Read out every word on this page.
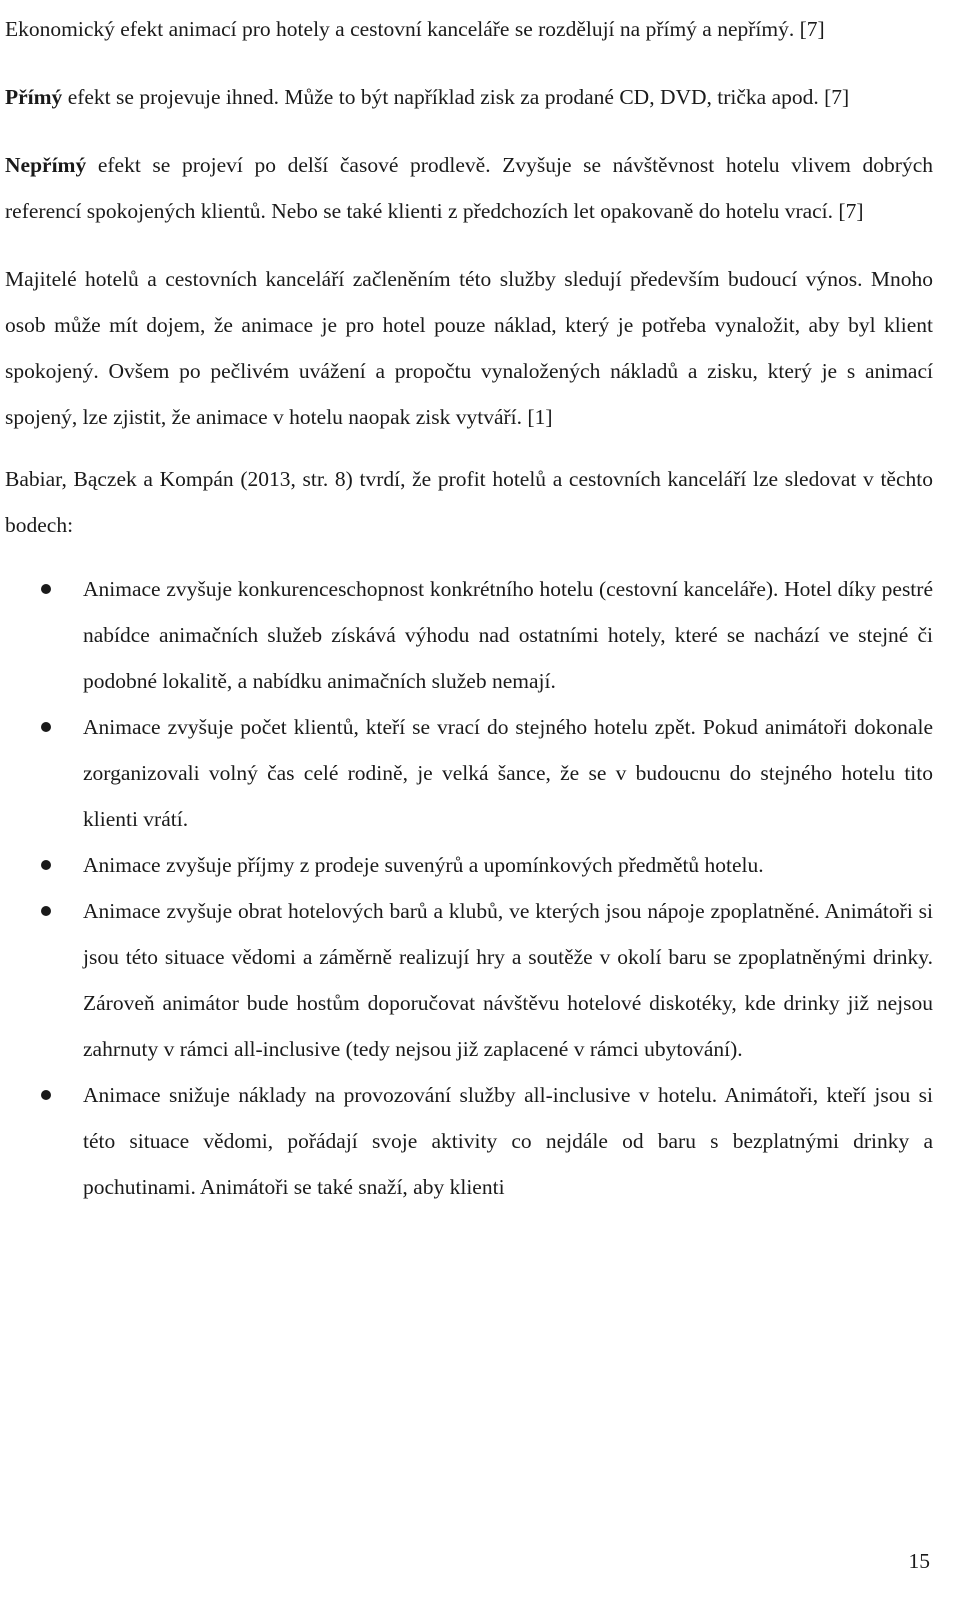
Ekonomický efekt animací pro hotely a cestovní kanceláře se rozdělují na přímý a nepřímý. [7]

Přímý efekt se projevuje ihned. Může to být například zisk za prodané CD, DVD, trička apod. [7]

Nepřímý efekt se projeví po delší časové prodlevě. Zvyšuje se návštěvnost hotelu vlivem dobrých referencí spokojených klientů. Nebo se také klienti z předchozích let opakovaně do hotelu vrací. [7]

Majitelé hotelů a cestovních kanceláří začleněním této služby sledují především budoucí výnos. Mnoho osob může mít dojem, že animace je pro hotel pouze náklad, který je potřeba vynaložit, aby byl klient spokojený. Ovšem po pečlivém uvážení a propočtu vynaložených nákladů a zisku, který je s animací spojený, lze zjistit, že animace v hotelu naopak zisk vytváří. [1]

Babiar, Bączek a Kompán (2013, str. 8) tvrdí, že profit hotelů a cestovních kanceláří lze sledovat v těchto bodech:

Animace zvyšuje konkurenceschopnost konkrétního hotelu (cestovní kanceláře). Hotel díky pestré nabídce animačních služeb získává výhodu nad ostatními hotely, které se nachází ve stejné či podobné lokalitě, a nabídku animačních služeb nemají.
Animace zvyšuje počet klientů, kteří se vrací do stejného hotelu zpět. Pokud animátoři dokonale zorganizovali volný čas celé rodině, je velká šance, že se v budoucnu do stejného hotelu tito klienti vrátí.
Animace zvyšuje příjmy z prodeje suvenýrů a upomínkových předmětů hotelu.
Animace zvyšuje obrat hotelových barů a klubů, ve kterých jsou nápoje zpoplatněné. Animátoři si jsou této situace vědomi a záměrně realizují hry a soutěže v okolí baru se zpoplatněnými drinky. Zároveň animátor bude hostům doporučovat návštěvu hotelové diskotéky, kde drinky již nejsou zahrnuty v rámci all-inclusive (tedy nejsou již zaplacené v rámci ubytování).
Animace snižuje náklady na provozování služby all-inclusive v hotelu. Animátoři, kteří jsou si této situace vědomi, pořádají svoje aktivity co nejdále od baru s bezplatnými drinky a pochutinami. Animátoři se také snaží, aby klienti
15
